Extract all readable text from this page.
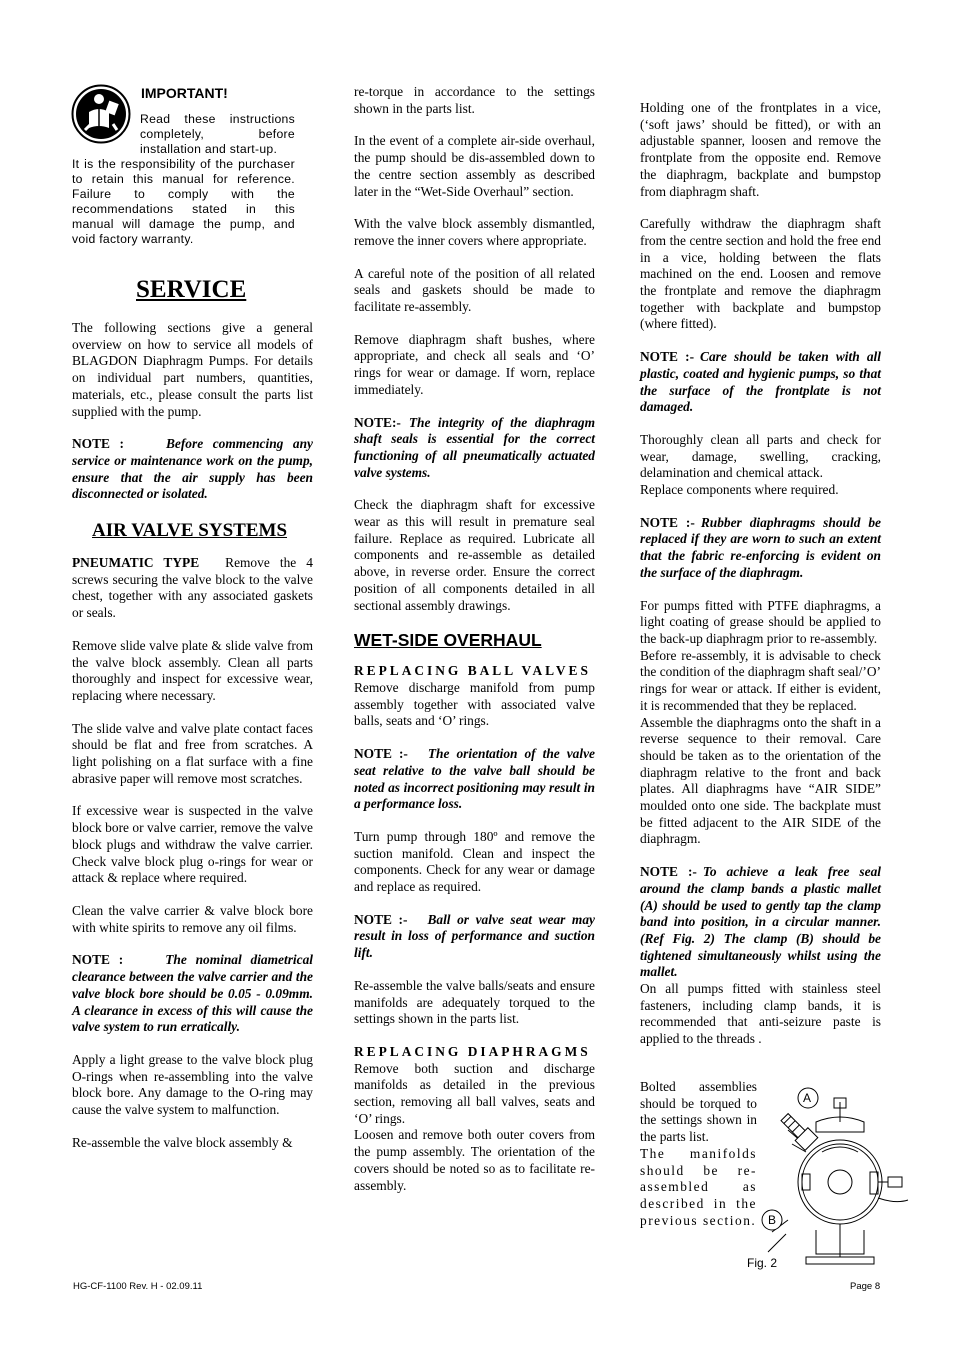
IMPORTANT!

Read these instructions completely, before installation and start-up.

It is the responsibility of the purchaser to retain this manual for reference. Failure to comply with the recommendations stated in this manual will damage the pump, and void factory warranty.

SERVICE

The following sections give a general overview on how to service all models of BLAGDON Diaphragm Pumps. For details on individual part numbers, quantities, materials, etc., please consult the parts list supplied with the pump.

NOTE :	Before commencing any service or maintenance work on the pump, ensure that the air supply has been disconnected or isolated.

AIR VALVE SYSTEMS

PNEUMATIC TYPE Remove the 4 screws securing the valve block to the valve chest, together with any associated gaskets or seals.

Remove slide valve plate & slide valve from the valve block assembly. Clean all parts thoroughly and inspect for excessive wear, replacing where necessary.

The slide valve and valve plate contact faces should be flat and free from scratches. A light polishing on a flat surface with a fine abrasive paper will remove most scratches.

If excessive wear is suspected in the valve block bore or valve carrier, remove the valve block plugs and withdraw the valve carrier. Check valve block plug o-rings for wear or attack & replace where required.

Clean the valve carrier & valve block bore with white spirits to remove any oil films.

NOTE :	The nominal diametrical clearance between the valve carrier and the valve block bore should be 0.05 - 0.09mm. A clearance in excess of this will cause the valve system to run erratically.

Apply a light grease to the valve block plug O-rings when re-assembling into the valve block bore. Any damage to the O-ring may cause the valve system to malfunction.

Re-assemble the valve block assembly &

re-torque in accordance to the settings shown in the parts list.

In the event of a complete air-side overhaul, the pump should be dis-assembled down to the centre section assembly as described later in the “Wet-Side Overhaul” section.

With the valve block assembly dismantled, remove the inner covers where appropriate.

A careful note of the position of all related seals and gaskets should be made to facilitate re-assembly.

Remove diaphragm shaft bushes, where appropriate, and check all seals and ‘O’ rings for wear or damage. If worn, replace immediately.

NOTE:- The integrity of the diaphragm shaft seals is essential for the correct functioning of all pneumatically actuated valve systems.

Check the diaphragm shaft for excessive wear as this will result in premature seal failure. Replace as required. Lubricate all components and re-assemble as detailed above, in reverse order. Ensure the correct position of all components detailed in all sectional assembly drawings.

WET-SIDE OVERHAUL
REPLACING BALL VALVES

Remove discharge manifold from pump assembly together with associated valve balls, seats and ‘O’ rings.

NOTE :- The orientation of the valve seat relative to the valve ball should be noted as incorrect positioning may result in a performance loss.

Turn pump through 180º and remove the suction manifold. Clean and inspect the components. Check for any wear or damage and replace as required.

NOTE :- Ball or valve seat wear may result in loss of performance and suction lift.

Re-assemble the valve balls/seats and ensure manifolds are adequately torqued to the settings shown in the parts list.

REPLACING DIAPHRAGMS

Remove both suction and discharge manifolds as detailed in the previous section, removing all ball valves, seats and ‘O’ rings.

Loosen and remove both outer covers from the pump assembly. The orientation of the covers should be noted so as to facilitate re-assembly.

Holding one of the frontplates in a vice, (‘soft jaws’ should be fitted), or with an adjustable spanner, loosen and remove the frontplate from the opposite end. Remove the diaphragm, backplate and bumpstop from diaphragm shaft.

Carefully withdraw the diaphragm shaft from the centre section and hold the free end in a vice, holding between the flats machined on the end. Loosen and remove the frontplate and remove the diaphragm together with backplate and bumpstop (where fitted).

NOTE :- Care should be taken with all plastic, coated and hygienic pumps, so that the surface of the frontplate is not damaged.

Thoroughly clean all parts and check for wear, damage, swelling, cracking, delamination and chemical attack.

Replace components where required.

NOTE :- Rubber diaphragms should be replaced if they are worn to such an extent that the fabric re-enforcing is evident on the surface of the diaphragm.

For pumps fitted with PTFE diaphragms, a light coating of grease should be applied to the back-up diaphragm prior to re-assembly.

Before re-assembly, it is advisable to check the condition of the diaphragm shaft seal/’O’ rings for wear or attack. If either is evident, it is recommended that they be replaced.

Assemble the diaphragms onto the shaft in a reverse sequence to their removal. Care should be taken as to the orientation of the diaphragm relative to the front and back plates. All diaphragms have “AIR SIDE” moulded onto one side. The backplate must be fitted adjacent to the AIR SIDE of the diaphragm.

NOTE :- To achieve a leak free seal around the clamp bands a plastic mallet (A) should be used to gently tap the clamp band into position, in a circular manner. (Ref Fig. 2) The clamp (B) should be tightened simultaneously whilst using the mallet.

On all pumps fitted with stainless steel fasteners, including clamp bands, it is recommended that anti-seizure paste is applied to the threads .

Bolted assemblies should be torqued to the settings shown in the parts list.

The manifolds should be re-assembled as described in the previous section.

A
B
Fig. 2
HG-CF-1100 Rev. H - 02.09.11	Page 8
